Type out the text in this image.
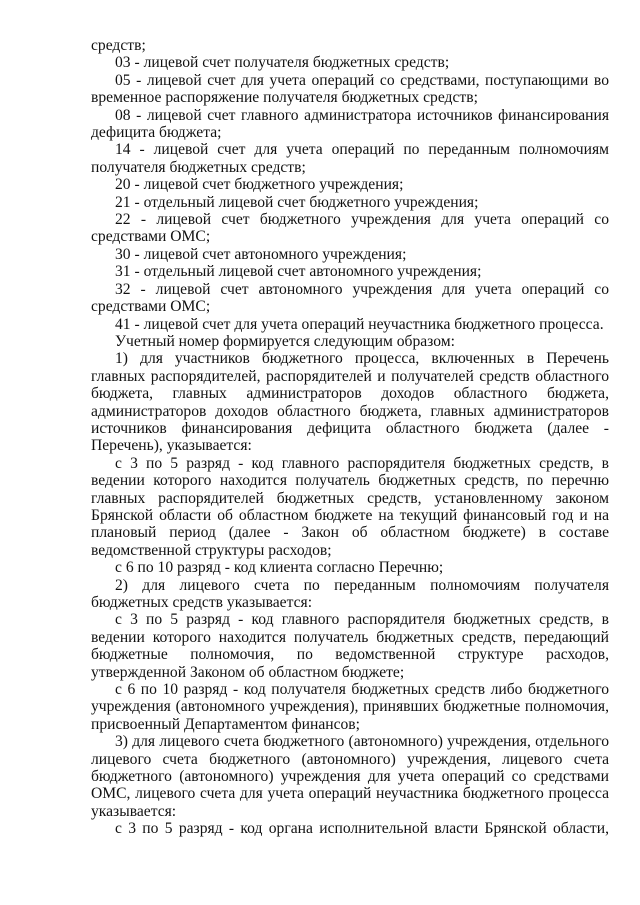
средств;

03 - лицевой счет получателя бюджетных средств;

05 - лицевой счет для учета операций со средствами, поступающими во временное распоряжение получателя бюджетных средств;

08 - лицевой счет главного администратора источников финансирования дефицита бюджета;

14 - лицевой счет для учета операций по переданным полномочиям получателя бюджетных средств;

20 - лицевой счет бюджетного учреждения;

21 - отдельный лицевой счет бюджетного учреждения;

22 - лицевой счет бюджетного учреждения для учета операций со средствами ОМС;

30 - лицевой счет автономного учреждения;

31 - отдельный лицевой счет автономного учреждения;

32 - лицевой счет автономного учреждения для учета операций со средствами ОМС;

41 - лицевой счет для учета операций неучастника бюджетного процесса.

Учетный номер формируется следующим образом:

1) для участников бюджетного процесса, включенных в Перечень главных распорядителей, распорядителей и получателей средств областного бюджета, главных администраторов доходов областного бюджета, администраторов доходов областного бюджета, главных администраторов источников финансирования дефицита областного бюджета (далее - Перечень), указывается:

с 3 по 5 разряд - код главного распорядителя бюджетных средств, в ведении которого находится получатель бюджетных средств, по перечню главных распорядителей бюджетных средств, установленному законом Брянской области об областном бюджете на текущий финансовый год и на плановый период (далее - Закон об областном бюджете) в составе ведомственной структуры расходов;

с 6 по 10 разряд - код клиента согласно Перечню;

2) для лицевого счета по переданным полномочиям получателя бюджетных средств указывается:

с 3 по 5 разряд - код главного распорядителя бюджетных средств, в ведении которого находится получатель бюджетных средств, передающий бюджетные полномочия, по ведомственной структуре расходов, утвержденной Законом об областном бюджете;

с 6 по 10 разряд - код получателя бюджетных средств либо бюджетного учреждения (автономного учреждения), принявших бюджетные полномочия, присвоенный Департаментом финансов;

3) для лицевого счета бюджетного (автономного) учреждения, отдельного лицевого счета бюджетного (автономного) учреждения, лицевого счета бюджетного (автономного) учреждения для учета операций со средствами ОМС, лицевого счета для учета операций неучастника бюджетного процесса указывается:

с 3 по 5 разряд - код органа исполнительной власти Брянской области,
